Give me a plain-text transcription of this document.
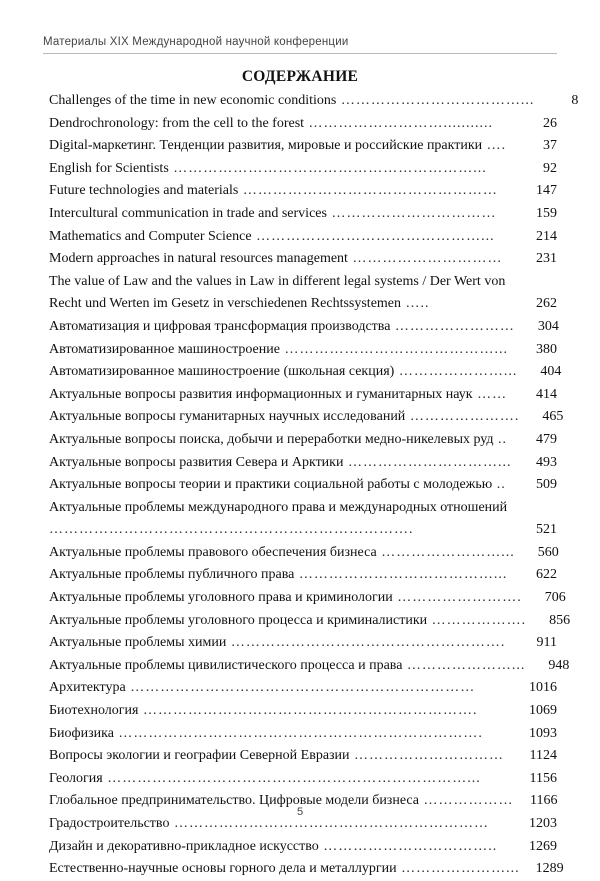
Материалы XIX Международной научной конференции
СОДЕРЖАНИЕ
Challenges of the time in new economic conditions ………………………………...	8
Dendrochronology: from the cell to the forest ………………………...........	26
Digital-маркетинг. Тенденции развития, мировые и российские практики ….	37
English for Scientists ……………………………………………………...	92
Future technologies and materials ……………………………………………	147
Intercultural communication in trade and services ……………………………	159
Mathematics and Computer Science ………………………………………...	214
Modern approaches in natural resources management …………………………	231
The value of Law and the values in Law in different legal systems / Der Wert von Recht und Werten im Gesetz in verschiedenen Rechtssystemen …..	262
Автоматизация и цифровая трансформация производства ……………………	304
Автоматизированное машиностроение ……………………………………...	380
Автоматизированное машиностроение (школьная секция) …………………...	404
Актуальные вопросы развития информационных и гуманитарных наук ……	414
Актуальные вопросы гуманитарных научных исследований ………………….	465
Актуальные вопросы поиска, добычи и переработки медно-никелевых руд ..	479
Актуальные вопросы развития Севера и Арктики …………………………...	493
Актуальные вопросы теории и практики социальной работы с молодежью ..	509
Актуальные проблемы международного права и международных отношений ……………………………………………………………….	521
Актуальные проблемы правового обеспечения бизнеса ……………………...	560
Актуальные проблемы публичного права …………………………………...	622
Актуальные проблемы уголовного права и криминологии …………………….	706
Актуальные проблемы уголовного процесса и криминалистики ……………….	856
Актуальные проблемы химии ……………………………………………….	911
Актуальные проблемы цивилистического процесса и права …………………...	948
Архитектура ……………………………………………………………	1016
Биотехнология ………………………………………………………….	1069
Биофизика ……………………………………………………………….	1093
Вопросы экологии и географии Северной Евразии …………………………	1124
Геология ………………………………………………………………...	1156
Глобальное предпринимательство. Цифровые модели бизнеса ………………	1166
Градостроительство ………………………………………………………	1203
Дизайн и декоративно-прикладное искусство ……………………………..	1269
Естественно-научные основы горного дела и металлургии …………………...	1289
5
